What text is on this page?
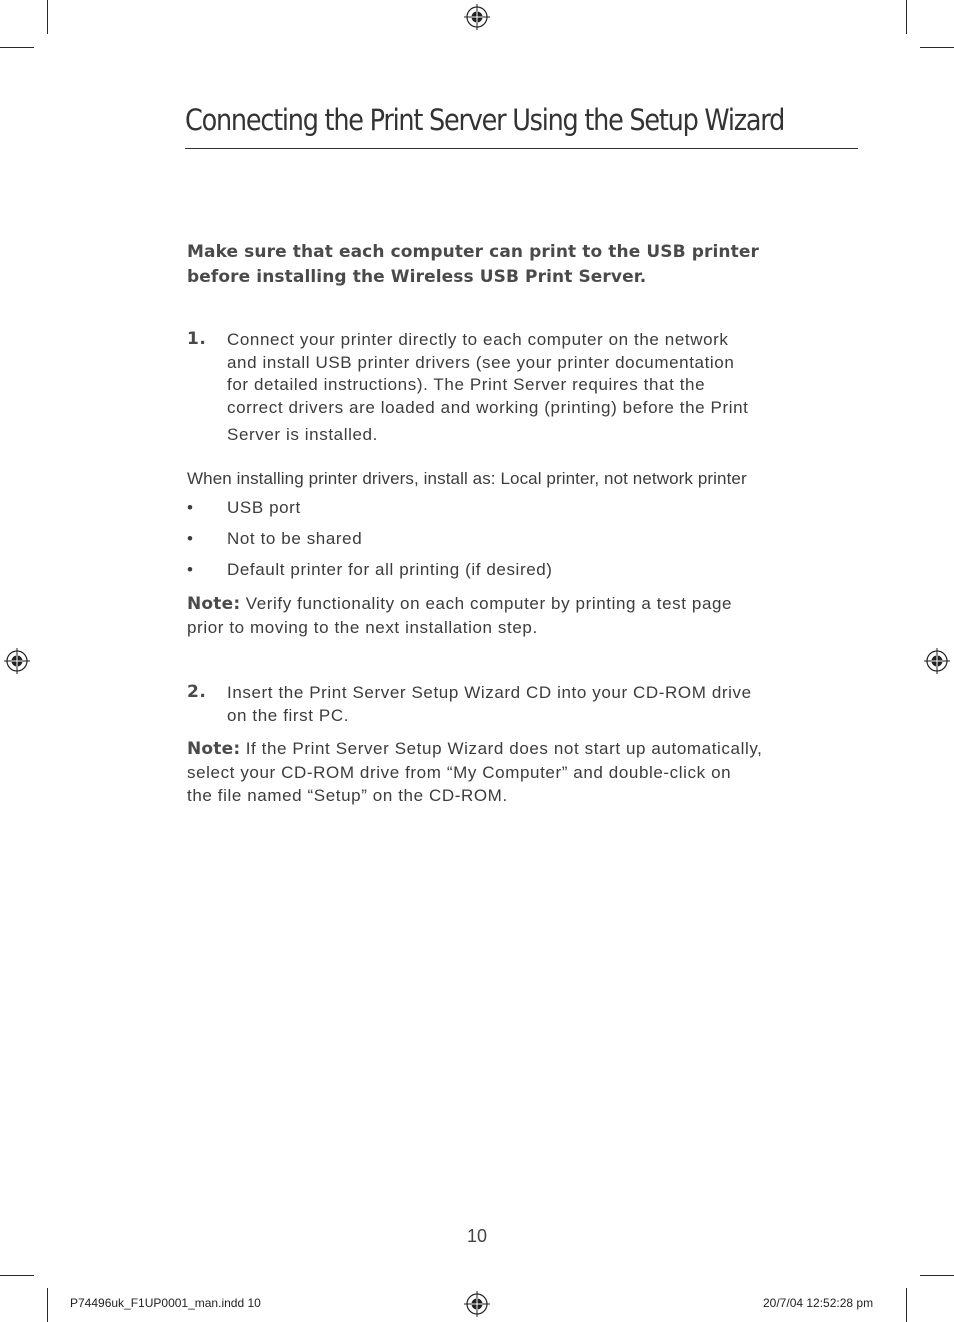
Connecting the Print Server Using the Setup Wizard
Make sure that each computer can print to the USB printer before installing the Wireless USB Print Server.
1. Connect your printer directly to each computer on the network
and install USB printer drivers (see your printer documentation
for detailed instructions). The Print Server requires that the
correct drivers are loaded and working (printing) before the Print
Server is installed.
When installing printer drivers, install as: Local printer, not network printer
• USB port
• Not to be shared
• Default printer for all printing (if desired)
Note: Verify functionality on each computer by printing a test page
prior to moving to the next installation step.
2. Insert the Print Server Setup Wizard CD into your CD-ROM drive
on the first PC.
Note: If the Print Server Setup Wizard does not start up automatically,
select your CD-ROM drive from “My Computer” and double-click on
the file named “Setup” on the CD-ROM.
10
P74496uk_F1UP0001_man.indd 10	20/7/04 12:52:28 pm
